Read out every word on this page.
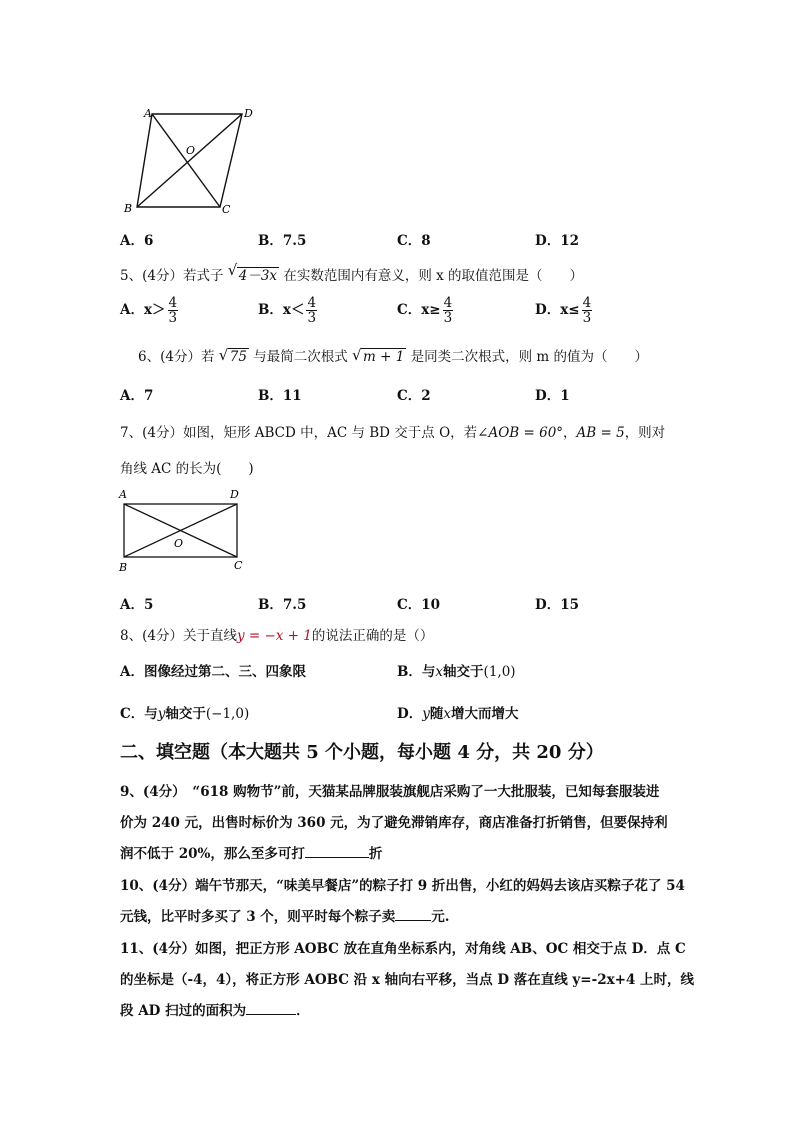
A	D
O
B	C
A．6	B．7.5	C．8	D．12
5、(4分）若式子 √ 4－3x 在实数范围内有意义，则 x 的取值范围是（　　）
A．$x> \frac{4}{3}$	B．$x< \frac{4}{3}$	C．$x\ge \frac{4}{3}$	D．$x\le \frac{4}{3}$
6、(4分）若 √ 75 与最简二次根式 √ m + 1 是同类二次根式，则 m 的值为（　　）
A．7	B．11	C．2	D．1
7、(4分）如图，矩形 ABCD 中，AC 与 BD 交于点 O，若∠AOB = 60°，AB = 5，则对
角线 AC 的长为(　　)
A	D
O
B	C
A．5	B．7.5	C．10	D．15
8、(4分）关于直线y = −x + 1的说法正确的是（）
A．图像经过第二、三、四象限	B．与x轴交于(1,0)
C．与y轴交于(−1,0)	D．y随x增大而增大
二、填空题（本大题共 5 个小题，每小题 4 分，共 20 分）
9、(4分）　“618 购物节”前，天猫某品牌服装旗舰店采购了一大批服装，已知每套服装进
价为 240 元，出售时标价为 360 元，为了避免滞销库存，商店准备打折销售，但要保持利
润不低于 20%，那么至多可打	折
10、(4分）端午节那天，“味美早餐店”的粽子打 9 折出售，小红的妈妈去该店买粽子花了 54
元钱，比平时多买了 3 个，则平时每个粽子卖	元.
11、(4分）如图，把正方形 AOBC 放在直角坐标系内，对角线 AB、OC 相交于点 D．点 C
的坐标是（-4，4），将正方形 AOBC 沿 x 轴向右平移，当点 D 落在直线 y=-2x+4 上时，线
段 AD 扫过的面积为	．
